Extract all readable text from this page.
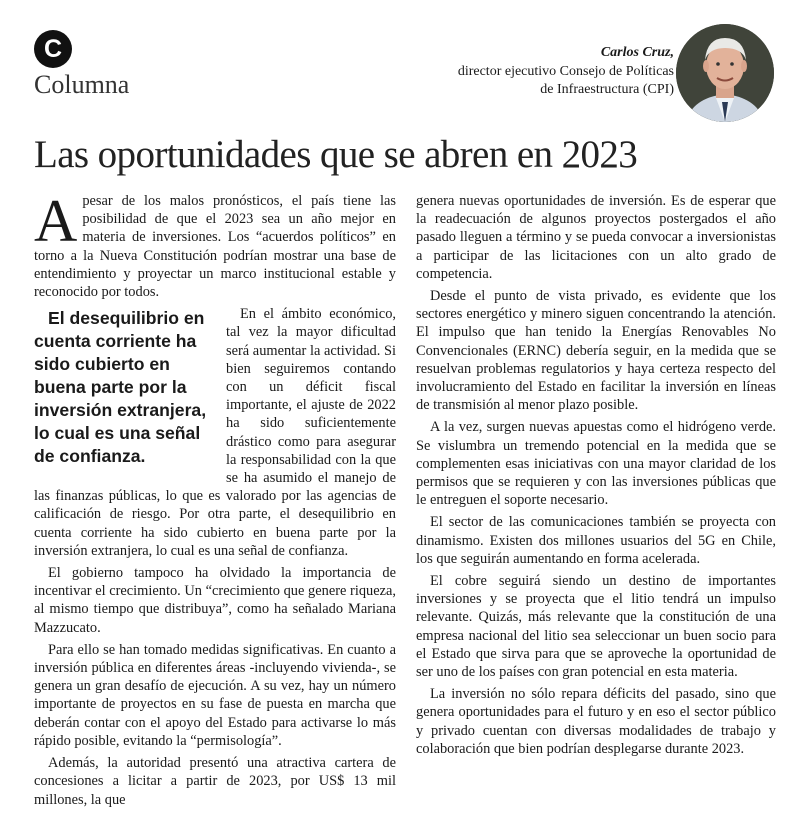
C
Columna
Carlos Cruz,
director ejecutivo Consejo de Políticas
de Infraestructura (CPI)
Las oportunidades que se abren en 2023

Apesar de los malos pronósticos, el país tiene las posibilidad de que el 2023 sea un año mejor en materia de inversiones. Los “acuerdos políticos” en torno a la Nueva Constitución podrían mostrar una base de entendimiento y proyectar un marco institucional estable y reconocido por todos.

El desequilibrio en cuenta corriente ha sido cubierto en buena parte por la inversión extranjera, lo cual es una señal de confianza.
En el ámbito económico, tal vez la mayor dificultad será aumentar la actividad. Si bien seguiremos contando con un déficit fiscal importante, el ajuste de 2022 ha sido suficientemente drástico como para asegurar la responsabilidad con la que se ha asumido el manejo de las finanzas públicas, lo que es valorado por las agencias de calificación de riesgo. Por otra parte, el desequilibrio en cuenta corriente ha sido cubierto en buena parte por la inversión extranjera, lo cual es una señal de confianza.

El gobierno tampoco ha olvidado la importancia de incentivar el crecimiento. Un “crecimiento que genere riqueza, al mismo tiempo que distribuya”, como ha señalado Mariana Mazzucato.

Para ello se han tomado medidas significativas. En cuanto a inversión pública en diferentes áreas -incluyendo vivienda-, se genera un gran desafío de ejecución. A su vez, hay un número importante de proyectos en su fase de puesta en marcha que deberán contar con el apoyo del Estado para activarse lo más rápido posible, evitando la “permisología”.

Además, la autoridad presentó una atractiva cartera de concesiones a licitar a partir de 2023, por US$ 13 mil millones, la que

genera nuevas oportunidades de inversión. Es de esperar que la readecuación de algunos proyectos postergados el año pasado lleguen a término y se pueda convocar a inversionistas a participar de las licitaciones con un alto grado de competencia.

Desde el punto de vista privado, es evidente que los sectores energético y minero siguen concentrando la atención. El impulso que han tenido la Energías Renovables No Convencionales (ERNC) debería seguir, en la medida que se resuelvan problemas regulatorios y haya certeza respecto del involucramiento del Estado en facilitar la inversión en líneas de transmisión al menor plazo posible.

A la vez, surgen nuevas apuestas como el hidrógeno verde. Se vislumbra un tremendo potencial en la medida que se complementen esas iniciativas con una mayor claridad de los permisos que se requieren y con las inversiones públicas que le entreguen el soporte necesario.

El sector de las comunicaciones también se proyecta con dinamismo. Existen dos millones usuarios del 5G en Chile, los que seguirán aumentando en forma acelerada.

El cobre seguirá siendo un destino de importantes inversiones y se proyecta que el litio tendrá un impulso relevante. Quizás, más relevante que la constitución de una empresa nacional del litio sea seleccionar un buen socio para el Estado que sirva para que se aproveche la oportunidad de ser uno de los países con gran potencial en esta materia.

La inversión no sólo repara déficits del pasado, sino que genera oportunidades para el futuro y en eso el sector público y privado cuentan con diversas modalidades de trabajo y colaboración que bien podrían desplegarse durante 2023.
